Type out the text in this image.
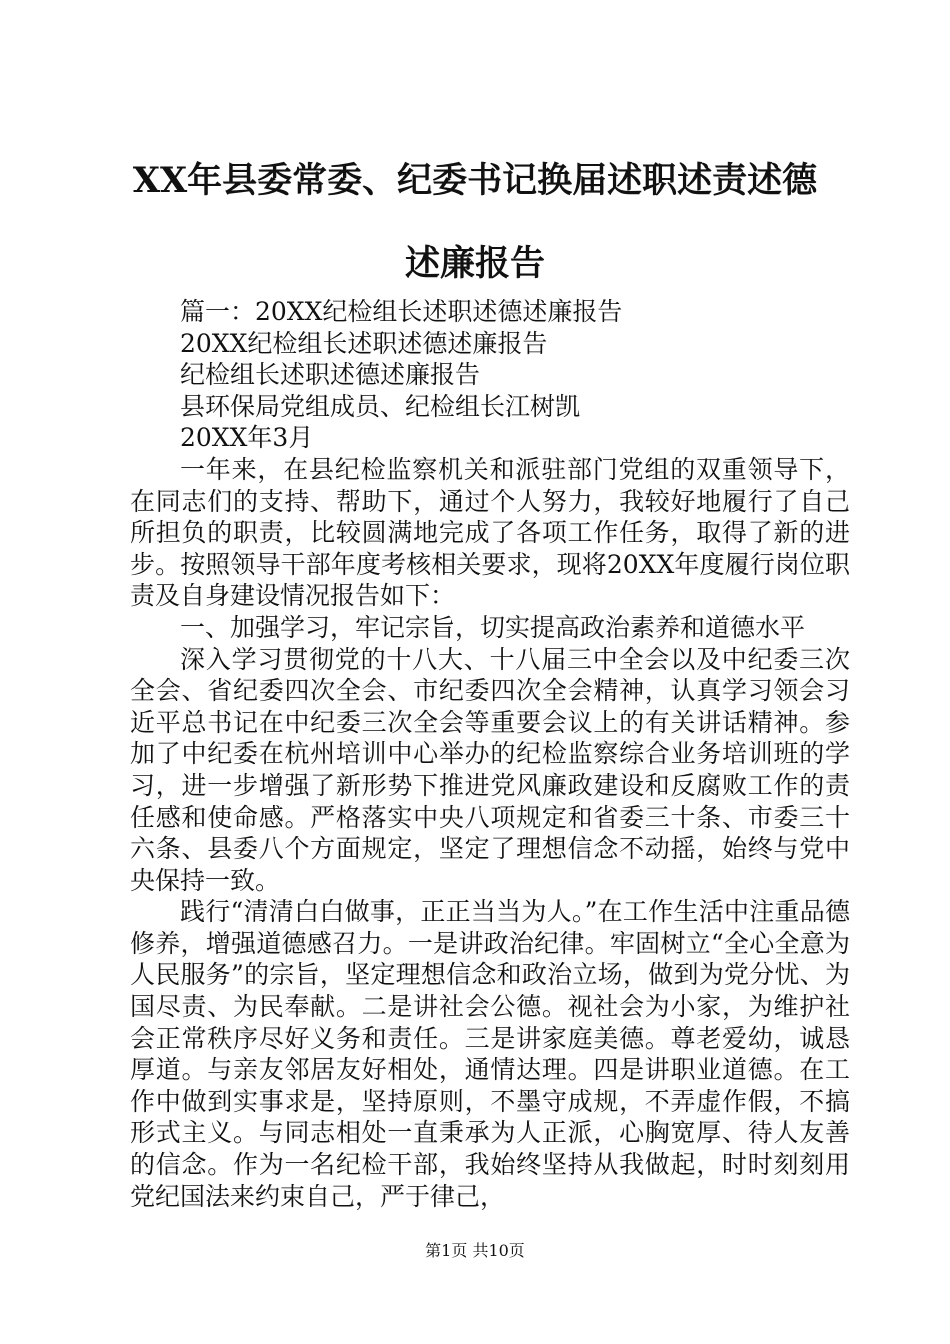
XX年县委常委、纪委书记换届述职述责述德
述廉报告

篇一：20XX纪检组长述职述德述廉报告

20XX纪检组长述职述德述廉报告

纪检组长述职述德述廉报告

县环保局党组成员、纪检组长江树凯

20XX年3月

一年来，在县纪检监察机关和派驻部门党组的双重领导下，在同志们的支持、帮助下，通过个人努力，我较好地履行了自己所担负的职责，比较圆满地完成了各项工作任务，取得了新的进步。按照领导干部年度考核相关要求，现将20XX年度履行岗位职责及自身建设情况报告如下：

一、加强学习，牢记宗旨，切实提高政治素养和道德水平

深入学习贯彻党的十八大、十八届三中全会以及中纪委三次全会、省纪委四次全会、市纪委四次全会精神，认真学习领会习近平总书记在中纪委三次全会等重要会议上的有关讲话精神。参加了中纪委在杭州培训中心举办的纪检监察综合业务培训班的学习，进一步增强了新形势下推进党风廉政建设和反腐败工作的责任感和使命感。严格落实中央八项规定和省委三十条、市委三十六条、县委八个方面规定，坚定了理想信念不动摇，始终与党中央保持一致。

践行“清清白白做事，正正当当为人。”在工作生活中注重品德修养，增强道德感召力。一是讲政治纪律。牢固树立“全心全意为人民服务”的宗旨，坚定理想信念和政治立场，做到为党分忧、为国尽责、为民奉献。二是讲社会公德。视社会为小家，为维护社会正常秩序尽好义务和责任。三是讲家庭美德。尊老爱幼，诚恳厚道。与亲友邻居友好相处，通情达理。四是讲职业道德。在工作中做到实事求是，坚持原则，不墨守成规，不弄虚作假，不搞形式主义。与同志相处一直秉承为人正派，心胸宽厚、待人友善的信念。作为一名纪检干部，我始终坚持从我做起，时时刻刻用党纪国法来约束自己，严于律己，

第1页 共10页
